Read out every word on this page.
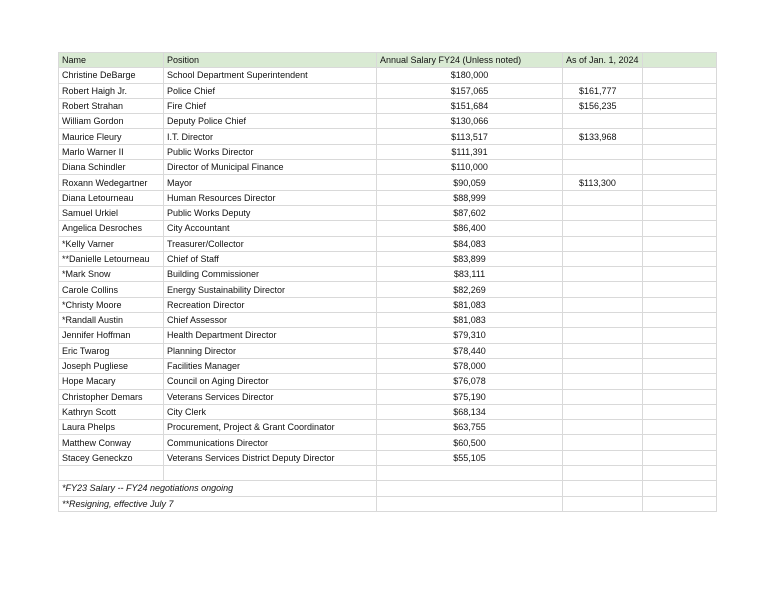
Name	Position	Annual Salary FY24 (Unless noted)	As of Jan. 1, 2024	
Christine DeBarge	School Department Superintendent	$180,000		
Robert Haigh Jr.	Police Chief	$157,065	$161,777	
Robert Strahan	Fire Chief	$151,684	$156,235	
William Gordon	Deputy Police Chief	$130,066		
Maurice Fleury	I.T. Director	$113,517	$133,968	
Marlo Warner II	Public Works Director	$111,391		
Diana Schindler	Director of Municipal Finance	$110,000		
Roxann Wedegartner	Mayor	$90,059	$113,300	
Diana Letourneau	Human Resources Director	$88,999		
Samuel Urkiel	Public Works Deputy	$87,602		
Angelica Desroches	City Accountant	$86,400		
*Kelly Varner	Treasurer/Collector	$84,083		
**Danielle Letourneau	Chief of Staff	$83,899		
*Mark Snow	Building Commissioner	$83,111		
Carole Collins	Energy Sustainability Director	$82,269		
*Christy Moore	Recreation Director	$81,083		
*Randall Austin	Chief Assessor	$81,083		
Jennifer Hoffman	Health Department Director	$79,310		
Eric Twarog	Planning Director	$78,440		
Joseph Pugliese	Facilities Manager	$78,000		
Hope Macary	Council on Aging Director	$76,078		
Christopher Demars	Veterans Services Director	$75,190		
Kathryn Scott	City Clerk	$68,134		
Laura Phelps	Procurement, Project & Grant Coordinator	$63,755		
Matthew Conway	Communications Director	$60,500		
Stacey Geneckzo	Veterans Services District Deputy Director	$55,105		

*FY23 Salary -- FY24 negotiations ongoing				
**Resigning, effective July 7				
